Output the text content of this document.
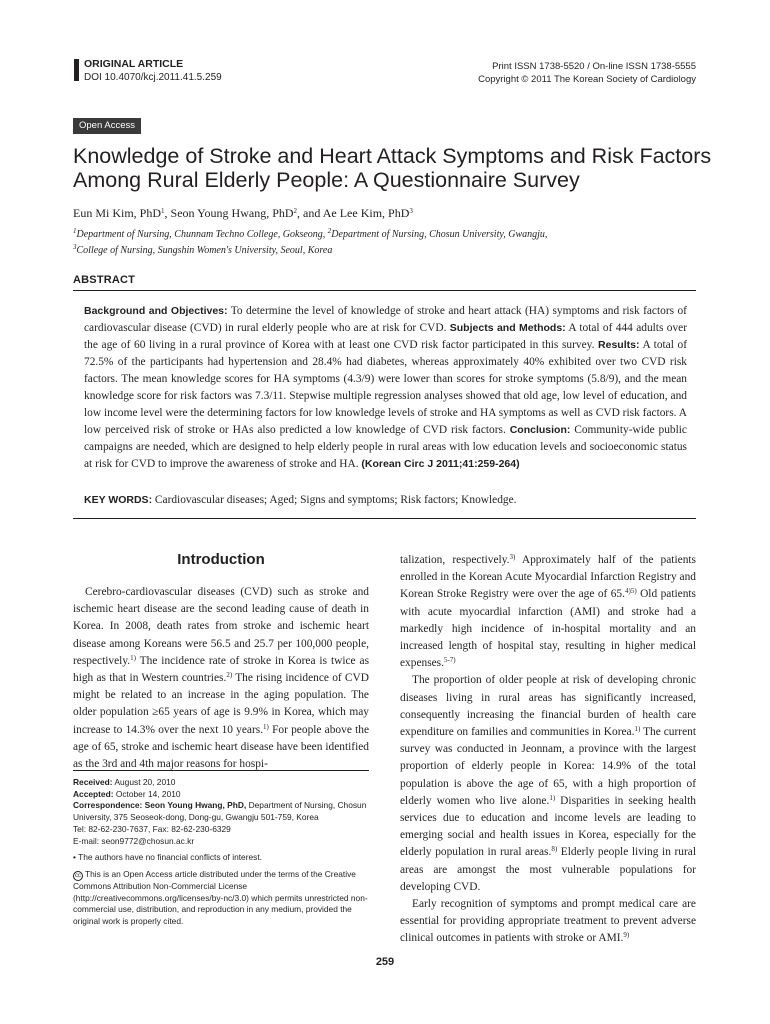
ORIGINAL ARTICLE
DOI 10.4070/kcj.2011.41.5.259
Print ISSN 1738-5520 / On-line ISSN 1738-5555
Copyright © 2011 The Korean Society of Cardiology
Open Access
Knowledge of Stroke and Heart Attack Symptoms and Risk Factors
Among Rural Elderly People: A Questionnaire Survey
Eun Mi Kim, PhD$^1$, Seon Young Hwang, PhD$^2$, and Ae Lee Kim, PhD$^3$
$^1$Department of Nursing, Chunnam Techno College, Gokseong, $^2$Department of Nursing, Chosun University, Gwangju,
$^3$College of Nursing, Sungshin Women's University, Seoul, Korea
ABSTRACT
Background and Objectives: To determine the level of knowledge of stroke and heart attack (HA) symptoms and risk factors of cardiovascular disease (CVD) in rural elderly people who are at risk for CVD. Subjects and Methods: A total of 444 adults over the age of 60 living in a rural province of Korea with at least one CVD risk factor participated in this survey. Results: A total of 72.5% of the participants had hypertension and 28.4% had diabetes, whereas approximately 40% exhibited over two CVD risk factors. The mean knowledge scores for HA symptoms (4.3/9) were lower than scores for stroke symptoms (5.8/9), and the mean knowledge score for risk factors was 7.3/11. Stepwise multiple regression analyses showed that old age, low level of education, and low income level were the determining factors for low knowledge levels of stroke and HA symptoms as well as CVD risk factors. A low perceived risk of stroke or HAs also predicted a low knowledge of CVD risk factors. Conclusion: Community-wide public campaigns are needed, which are designed to help elderly people in rural areas with low education levels and socioeconomic status at risk for CVD to improve the awareness of stroke and HA. (Korean Circ J 2011;41:259-264)
KEY WORDS: Cardiovascular diseases; Aged; Signs and symptoms; Risk factors; Knowledge.
Introduction

Cerebro-cardiovascular diseases (CVD) such as stroke and ischemic heart disease are the second leading cause of death in Korea. In 2008, death rates from stroke and ischemic heart disease among Koreans were 56.5 and 25.7 per 100,000 people, respectively.$^{1)}$ The incidence rate of stroke in Korea is twice as high as that in Western countries.$^{2)}$ The rising incidence of CVD might be related to an increase in the aging population. The older population ≥65 years of age is 9.9% in Korea, which may increase to 14.3% over the next 10 years.$^{1)}$ For people above the age of 65, stroke and ischemic heart disease have been identified as the 3rd and 4th major reasons for hospi-

talization, respectively.$^{3)}$ Approximately half of the patients enrolled in the Korean Acute Myocardial Infarction Registry and Korean Stroke Registry were over the age of 65.$^{4)5)}$ Old patients with acute myocardial infarction (AMI) and stroke had a markedly high incidence of in-hospital mortality and an increased length of hospital stay, resulting in higher medical expenses.$^{5-7)}$

The proportion of older people at risk of developing chronic diseases living in rural areas has significantly increased, consequently increasing the financial burden of health care expenditure on families and communities in Korea.$^{1)}$ The current survey was conducted in Jeonnam, a province with the largest proportion of elderly people in Korea: 14.9% of the total population is above the age of 65, with a high proportion of elderly women who live alone.$^{1)}$ Disparities in seeking health services due to education and income levels are leading to emerging social and health issues in Korea, especially for the elderly population in rural areas.$^{8)}$ Elderly people living in rural areas are amongst the most vulnerable populations for developing CVD.

Early recognition of symptoms and prompt medical care are essential for providing appropriate treatment to prevent adverse clinical outcomes in patients with stroke or AMI.$^{9)}$

Received: August 20, 2010

Accepted: October 14, 2010

Correspondence: Seon Young Hwang, PhD, Department of Nursing, Chosun University, 375 Seoseok-dong, Dong-gu, Gwangju 501-759, Korea

Tel: 82-62-230-7637, Fax: 82-62-230-6329

E-mail: seon9772@chosun.ac.kr

• The authors have no financial conflicts of interest.

cc This is an Open Access article distributed under the terms of the Creative Commons Attribution Non-Commercial License (http://creativecommons.org/licenses/by-nc/3.0) which permits unrestricted non-commercial use, distribution, and reproduction in any medium, provided the original work is properly cited.

259
